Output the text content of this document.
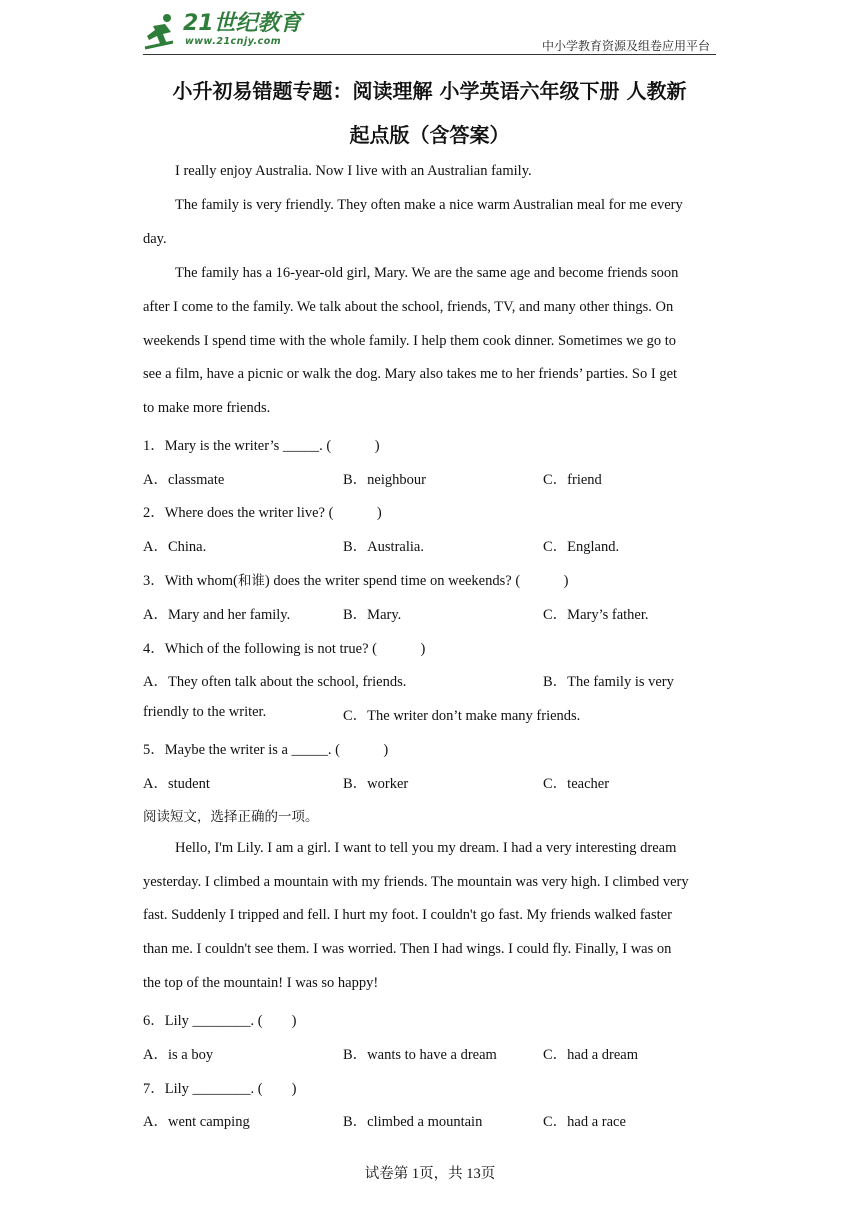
21世纪教育
www.21cnjy.com	中小学教育资源及组卷应用平台
小升初易错题专题：阅读理解 小学英语六年级下册 人教新
起点版（含答案）
I really enjoy Australia. Now I live with an Australian family.
The family is very friendly. They often make a nice warm Australian meal for me every
day.
The family has a 16-year-old girl, Mary. We are the same age and become friends soon
after I come to the family. We talk about the school, friends, TV, and many other things. On
weekends I spend time with the whole family. I help them cook dinner. Sometimes we go to
see a film, have a picnic or walk the dog. Mary also takes me to her friends’ parties. So I get
to make more friends.
1．Mary is the writer’s _____. (　　　)
A．classmate	B．neighbour	C．friend
2．Where does the writer live? (　　　)
A．China.	B．Australia.	C．England.
3．With whom(和谁) does the writer spend time on weekends? (　　　)
A．Mary and her family.	B．Mary.	C．Mary’s father.
4．Which of the following is not true? (　　　)
A．They often talk about the school, friends.	B．The family is very
friendly to the writer.	C．The writer don’t make many friends.
5．Maybe the writer is a _____. (　　　)
A．student	B．worker	C．teacher
阅读短文，选择正确的一项。
Hello, I'm Lily. I am a girl. I want to tell you my dream. I had a very interesting dream
yesterday. I climbed a mountain with my friends. The mountain was very high. I climbed very
fast. Suddenly I tripped and fell. I hurt my foot. I couldn't go fast. My friends walked faster
than me. I couldn't see them. I was worried. Then I had wings. I could fly. Finally, I was on
the top of the mountain! I was so happy!
6．Lily ________. (　　)
A．is a boy	B．wants to have a dream	C．had a dream
7．Lily ________. (　　)
A．went camping	B．climbed a mountain	C．had a race
试卷第 1页，共 13页
